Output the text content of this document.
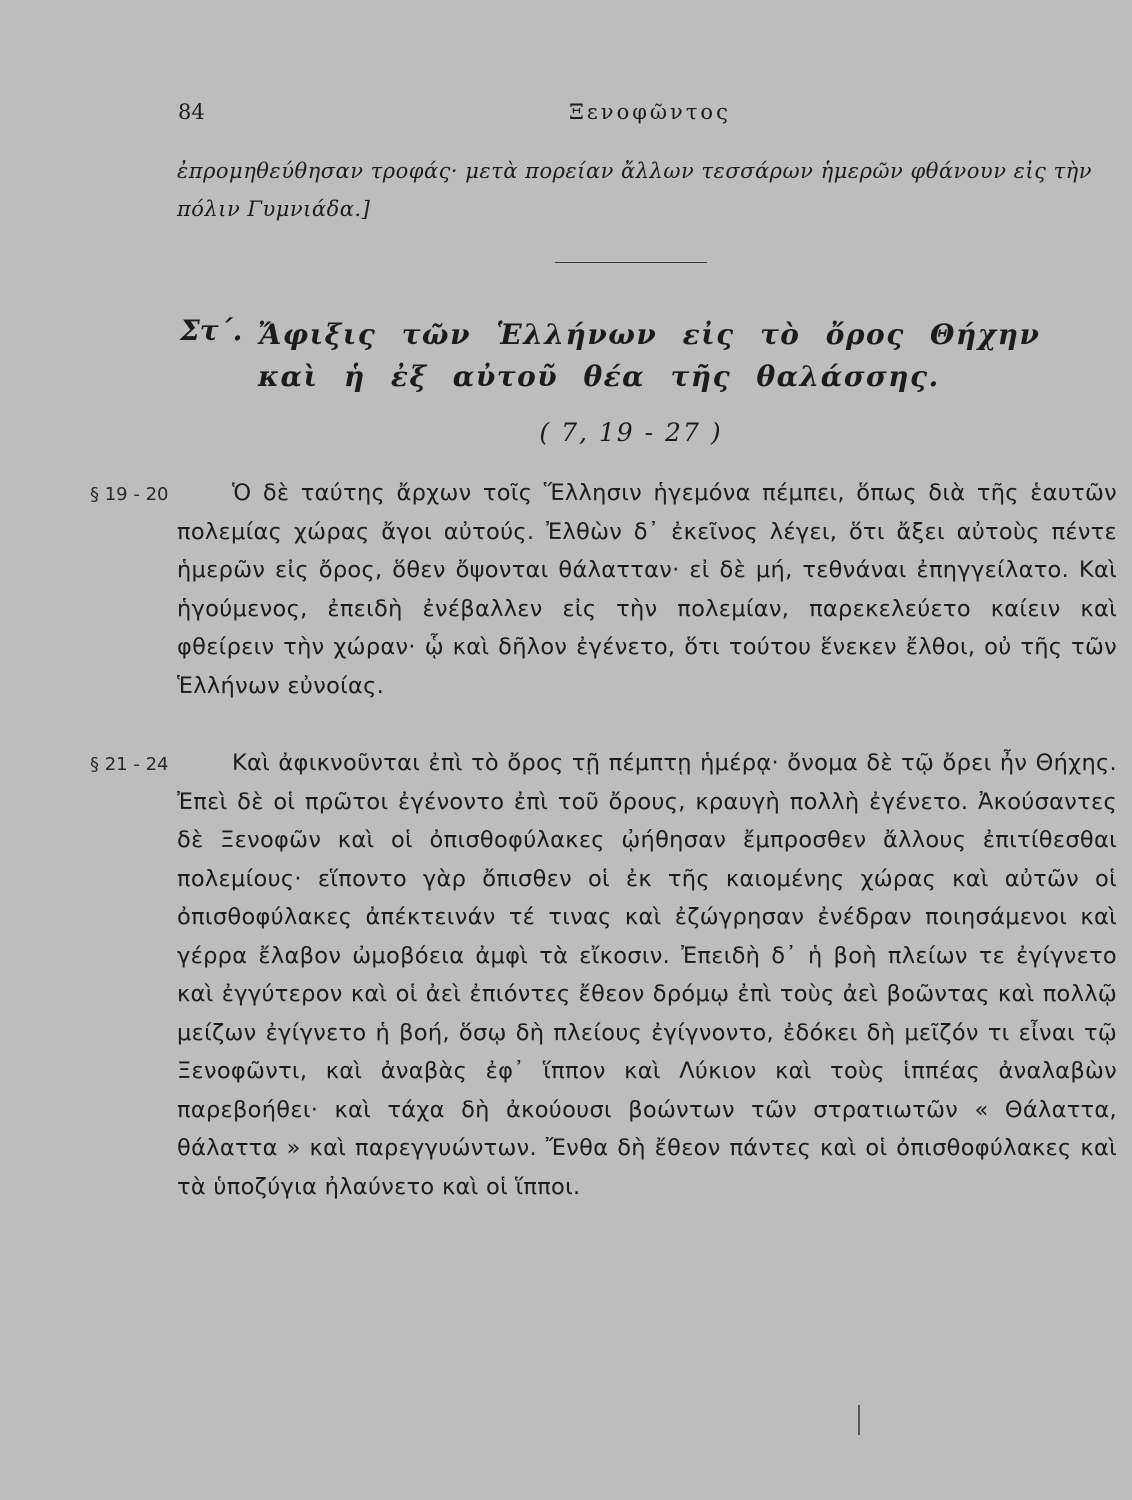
84	Ξενοφῶντος
ἐπρομηθεύθησαν τροφάς· μετὰ πορείαν ἄλλων τεσσάρων ἡμερῶν φθάνουν εἰς τὴν πόλιν Γυμνιάδα.]
Στ΄. Ἄφιξις τῶν Ἑλλήνων εἰς τὸ ὄρος Θήχην καὶ ἡ ἐξ αὐτοῦ θέα τῆς θαλάσσης.
( 7, 19 - 27 )
§ 19 - 20	Ὁ δὲ ταύτης ἄρχων τοῖς Ἕλλησιν ἡγεμόνα πέμπει, ὅπως διὰ τῆς ἑαυτῶν πολεμίας χώρας ἄγοι αὐτούς. Ἐλθὼν δ᾽ ἐκεῖνος λέγει, ὅτι ἄξει αὐτοὺς πέντε ἡμερῶν εἰς ὄρος, ὅθεν ὄψονται θάλατταν· εἰ δὲ μή, τεθνάναι ἐπηγγείλατο. Καὶ ἡγούμενος, ἐπειδὴ ἐνέβαλλεν εἰς τὴν πολεμίαν, παρεκελεύετο καίειν καὶ φθείρειν τὴν χώραν· ᾧ καὶ δῆλον ἐγένετο, ὅτι τούτου ἕνεκεν ἔλθοι, οὐ τῆς τῶν Ἑλλήνων εὐνοίας.
§ 21 - 24	Καὶ ἀφικνοῦνται ἐπὶ τὸ ὄρος τῇ πέμπτῃ ἡμέρᾳ· ὄνομα δὲ τῷ ὄρει ἦν Θήχης. Ἐπεὶ δὲ οἱ πρῶτοι ἐγένοντο ἐπὶ τοῦ ὄρους, κραυγὴ πολλὴ ἐγένετο. Ἀκούσαντες δὲ Ξενοφῶν καὶ οἱ ὀπισθοφύλακες ᾠήθησαν ἔμπροσθεν ἄλλους ἐπιτίθεσθαι πολεμίους· εἵποντο γὰρ ὄπισθεν οἱ ἐκ τῆς καιομένης χώρας καὶ αὐτῶν οἱ ὀπισθοφύλακες ἀπέκτεινάν τέ τινας καὶ ἐζώγρησαν ἐνέδραν ποιησάμενοι καὶ γέρρα ἔλαβον ὠμοβόεια ἀμφὶ τὰ εἴκοσιν. Ἐπειδὴ δ᾽ ἡ βοὴ πλείων τε ἐγίγνετο καὶ ἐγγύτερον καὶ οἱ ἀεὶ ἐπιόντες ἔθεον δρόμῳ ἐπὶ τοὺς ἀεὶ βοῶντας καὶ πολλῷ μείζων ἐγίγνετο ἡ βοή, ὅσῳ δὴ πλείους ἐγίγνοντο, ἐδόκει δὴ μεῖζόν τι εἶναι τῷ Ξενοφῶντι, καὶ ἀναβὰς ἐφ᾽ ἵππον καὶ Λύκιον καὶ τοὺς ἱππέας ἀναλαβὼν παρεβοήθει· καὶ τάχα δὴ ἀκούουσι βοώντων τῶν στρατιωτῶν « Θάλαττα, θάλαττα » καὶ παρεγγυώντων. Ἔνθα δὴ ἔθεον πάντες καὶ οἱ ὀπισθοφύλακες καὶ τὰ ὑποζύγια ἠλαύνετο καὶ οἱ ἵπποι.
